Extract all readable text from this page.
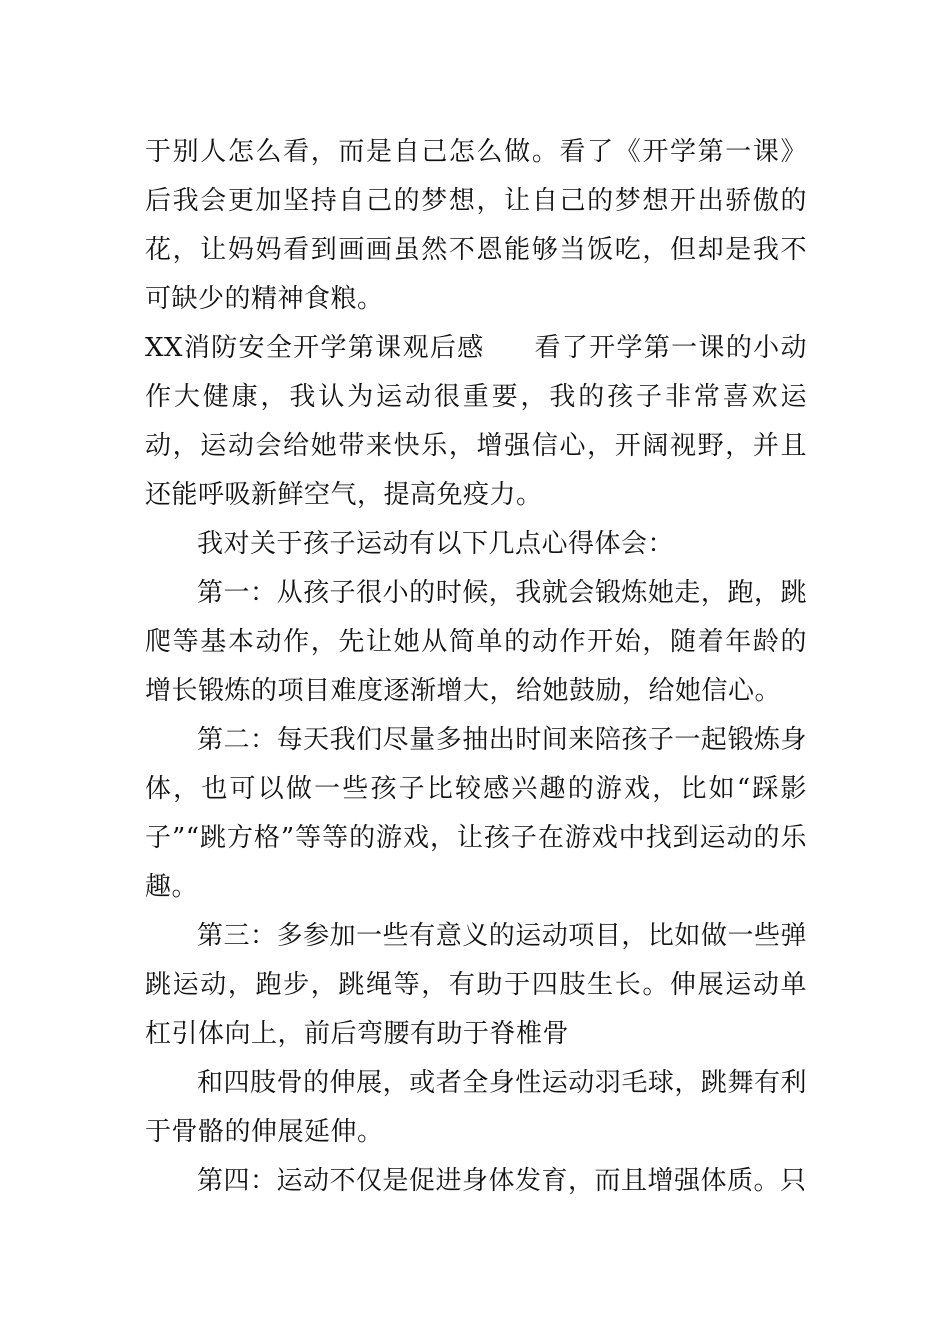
于别人怎么看，而是自己怎么做。看了《开学第一课》后我会更加坚持自己的梦想，让自己的梦想开出骄傲的花，让妈妈看到画画虽然不恩能够当饭吃，但却是我不可缺少的精神食粮。

XX消防安全开学第课观后感 看了开学第一课的小动作大健康，我认为运动很重要，我的孩子非常喜欢运动，运动会给她带来快乐，增强信心，开阔视野，并且还能呼吸新鲜空气，提高免疫力。

我对关于孩子运动有以下几点心得体会：

第一：从孩子很小的时候，我就会锻炼她走，跑，跳爬等基本动作，先让她从简单的动作开始，随着年龄的增长锻炼的项目难度逐渐增大，给她鼓励，给她信心。

第二：每天我们尽量多抽出时间来陪孩子一起锻炼身体，也可以做一些孩子比较感兴趣的游戏，比如“踩影子”“跳方格”等等的游戏，让孩子在游戏中找到运动的乐趣。

第三：多参加一些有意义的运动项目，比如做一些弹跳运动，跑步，跳绳等，有助于四肢生长。伸展运动单杠引体向上，前后弯腰有助于脊椎骨

和四肢骨的伸展，或者全身性运动羽毛球，跳舞有利于骨骼的伸展延伸。

第四：运动不仅是促进身体发育，而且增强体质。只
